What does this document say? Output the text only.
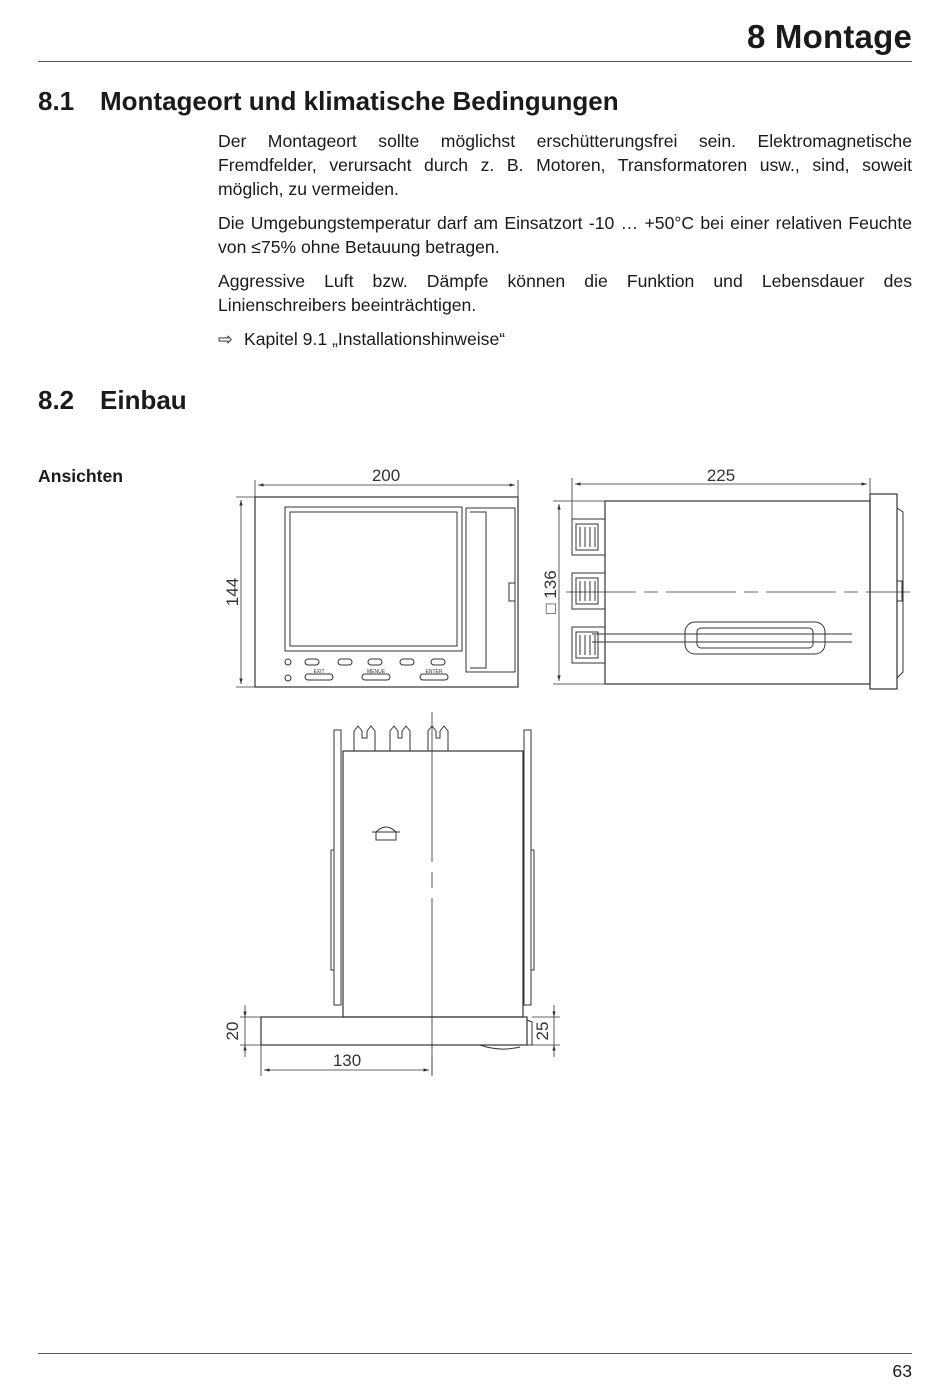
8 Montage
8.1 Montageort und klimatische Bedingungen
Der Montageort sollte möglichst erschütterungsfrei sein. Elektromagnetische Fremdfelder, verursacht durch z. B. Motoren, Transformatoren usw., sind, soweit möglich, zu vermeiden.
Die Umgebungstemperatur darf am Einsatzort -10 … +50°C bei einer relativen Feuchte von ≤75% ohne Betauung betragen.
Aggressive Luft bzw. Dämpfe können die Funktion und Lebensdauer des Linienschreibers beeinträchtigen.
⇨ Kapitel 9.1 „Installationshinweise“
8.2 Einbau
Ansichten
EXIT	MENUE	ENTER
200
144
225
□ 136
20	25
130
63
